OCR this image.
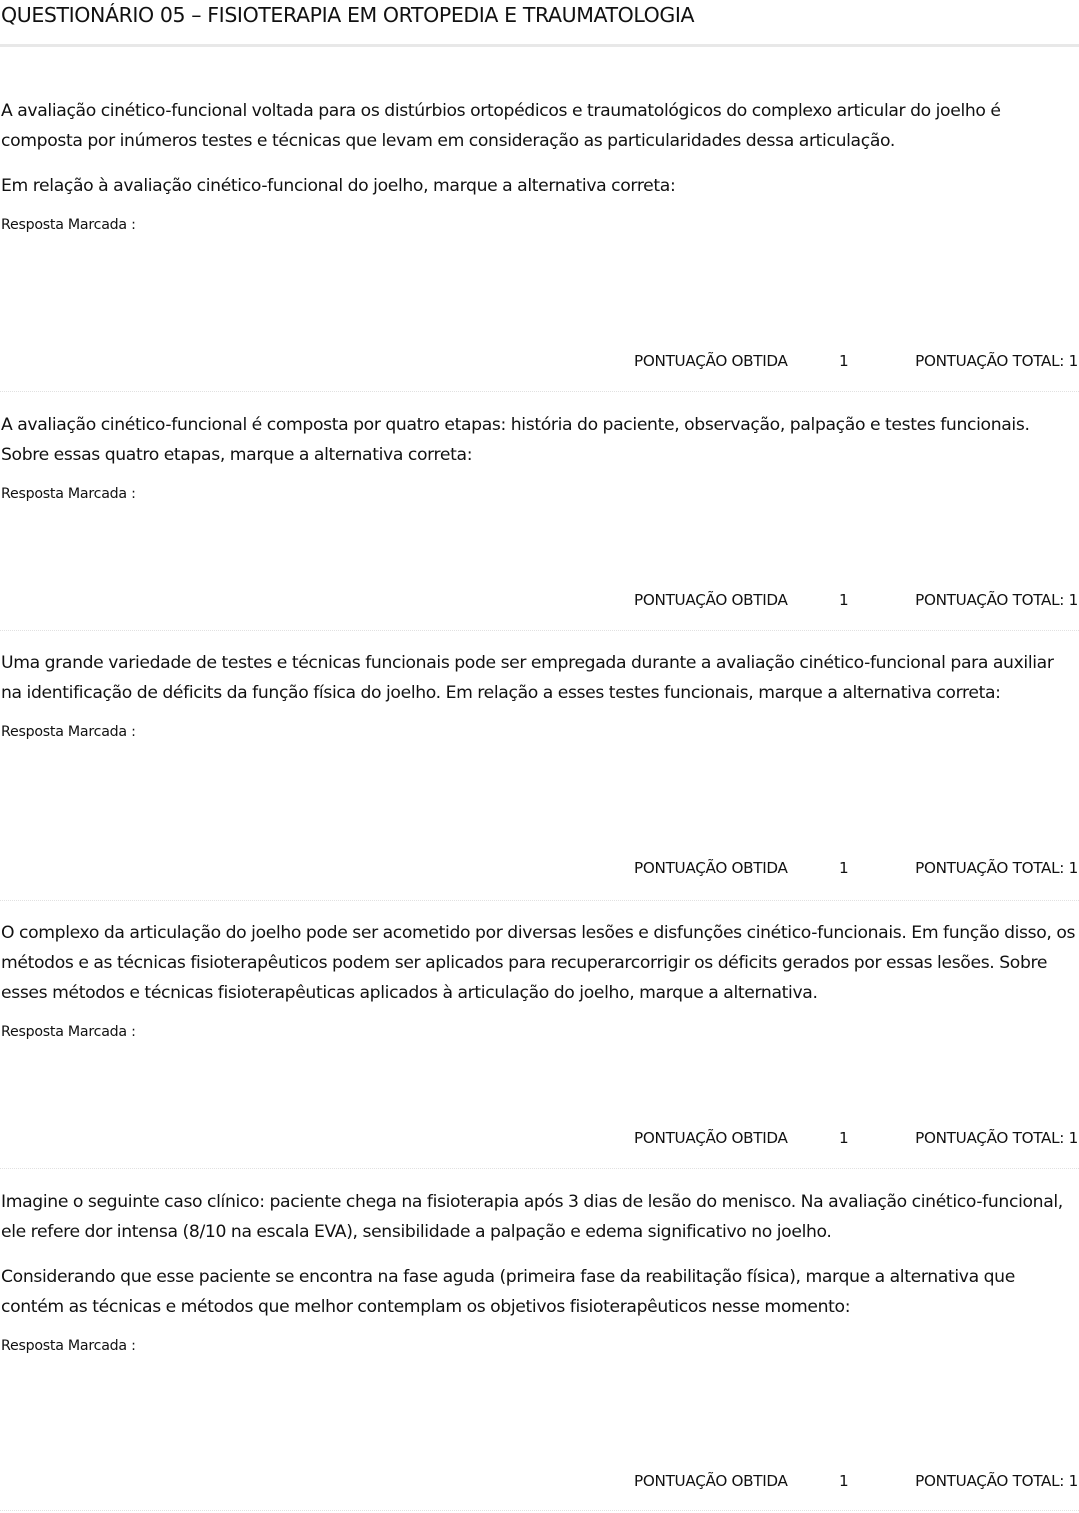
QUESTIONÁRIO 05 – FISIOTERAPIA EM ORTOPEDIA E TRAUMATOLOGIA

A avaliação cinético-funcional voltada para os distúrbios ortopédicos e traumatológicos do complexo articular do joelho é composta por inúmeros testes e técnicas que levam em consideração as particularidades dessa articulação.

Em relação à avaliação cinético-funcional do joelho, marque a alternativa correta:

Resposta Marcada :
PONTUAÇÃO OBTIDA	1	PONTUAÇÃO TOTAL: 1

A avaliação cinético-funcional é composta por quatro etapas: história do paciente, observação, palpação e testes funcionais. Sobre essas quatro etapas, marque a alternativa correta:

Resposta Marcada :
PONTUAÇÃO OBTIDA	1	PONTUAÇÃO TOTAL: 1

Uma grande variedade de testes e técnicas funcionais pode ser empregada durante a avaliação cinético-funcional para auxiliar na identificação de déficits da função física do joelho. Em relação a esses testes funcionais, marque a alternativa correta:

Resposta Marcada :
PONTUAÇÃO OBTIDA	1	PONTUAÇÃO TOTAL: 1

O complexo da articulação do joelho pode ser acometido por diversas lesões e disfunções cinético-funcionais. Em função disso, os métodos e as técnicas fisioterapêuticos podem ser aplicados para recuperarcorrigir os déficits gerados por essas lesões. Sobre esses métodos e técnicas fisioterapêuticas aplicados à articulação do joelho, marque a alternativa.

Resposta Marcada :
PONTUAÇÃO OBTIDA	1	PONTUAÇÃO TOTAL: 1

Imagine o seguinte caso clínico: paciente chega na fisioterapia após 3 dias de lesão do menisco. Na avaliação cinético-funcional, ele refere dor intensa (8/10 na escala EVA), sensibilidade a palpação e edema significativo no joelho.

Considerando que esse paciente se encontra na fase aguda (primeira fase da reabilitação física), marque a alternativa que contém as técnicas e métodos que melhor contemplam os objetivos fisioterapêuticos nesse momento:

Resposta Marcada :
PONTUAÇÃO OBTIDA	1	PONTUAÇÃO TOTAL: 1
